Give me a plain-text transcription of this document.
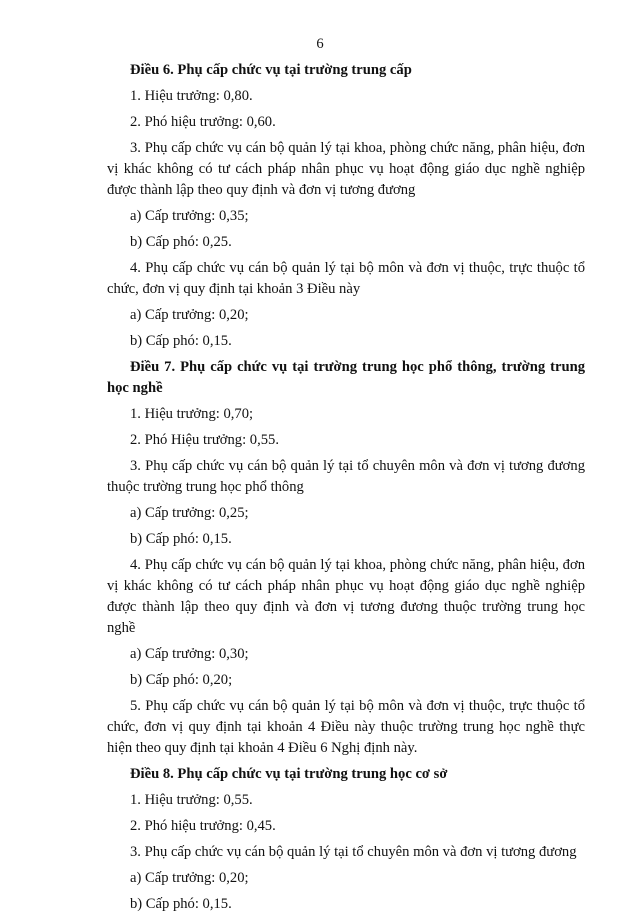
6

Điều 6. Phụ cấp chức vụ tại trường trung cấp

1. Hiệu trưởng: 0,80.

2. Phó hiệu trưởng: 0,60.

3. Phụ cấp chức vụ cán bộ quản lý tại khoa, phòng chức năng, phân hiệu, đơn vị khác không có tư cách pháp nhân phục vụ hoạt động giáo dục nghề nghiệp được thành lập theo quy định và đơn vị tương đương

a) Cấp trưởng: 0,35;

b) Cấp phó: 0,25.

4. Phụ cấp chức vụ cán bộ quản lý tại bộ môn và đơn vị thuộc, trực thuộc tổ chức, đơn vị quy định tại khoản 3 Điều này

a) Cấp trưởng: 0,20;

b) Cấp phó: 0,15.

Điều 7. Phụ cấp chức vụ tại trường trung học phổ thông, trường trung học nghề

1. Hiệu trưởng: 0,70;

2. Phó Hiệu trưởng: 0,55.

3. Phụ cấp chức vụ cán bộ quản lý tại tổ chuyên môn và đơn vị tương đương thuộc trường trung học phổ thông

a) Cấp trưởng: 0,25;

b) Cấp phó: 0,15.

4. Phụ cấp chức vụ cán bộ quản lý tại khoa, phòng chức năng, phân hiệu, đơn vị khác không có tư cách pháp nhân phục vụ hoạt động giáo dục nghề nghiệp được thành lập theo quy định và đơn vị tương đương thuộc trường trung học nghề

a) Cấp trưởng: 0,30;

b) Cấp phó: 0,20;

5. Phụ cấp chức vụ cán bộ quản lý tại bộ môn và đơn vị thuộc, trực thuộc tổ chức, đơn vị quy định tại khoản 4 Điều này thuộc trường trung học nghề thực hiện theo quy định tại khoản 4 Điều 6 Nghị định này.

Điều 8. Phụ cấp chức vụ tại trường trung học cơ sở

1. Hiệu trưởng: 0,55.

2. Phó hiệu trưởng: 0,45.

3. Phụ cấp chức vụ cán bộ quản lý tại tổ chuyên môn và đơn vị tương đương

a) Cấp trưởng: 0,20;

b) Cấp phó: 0,15.
